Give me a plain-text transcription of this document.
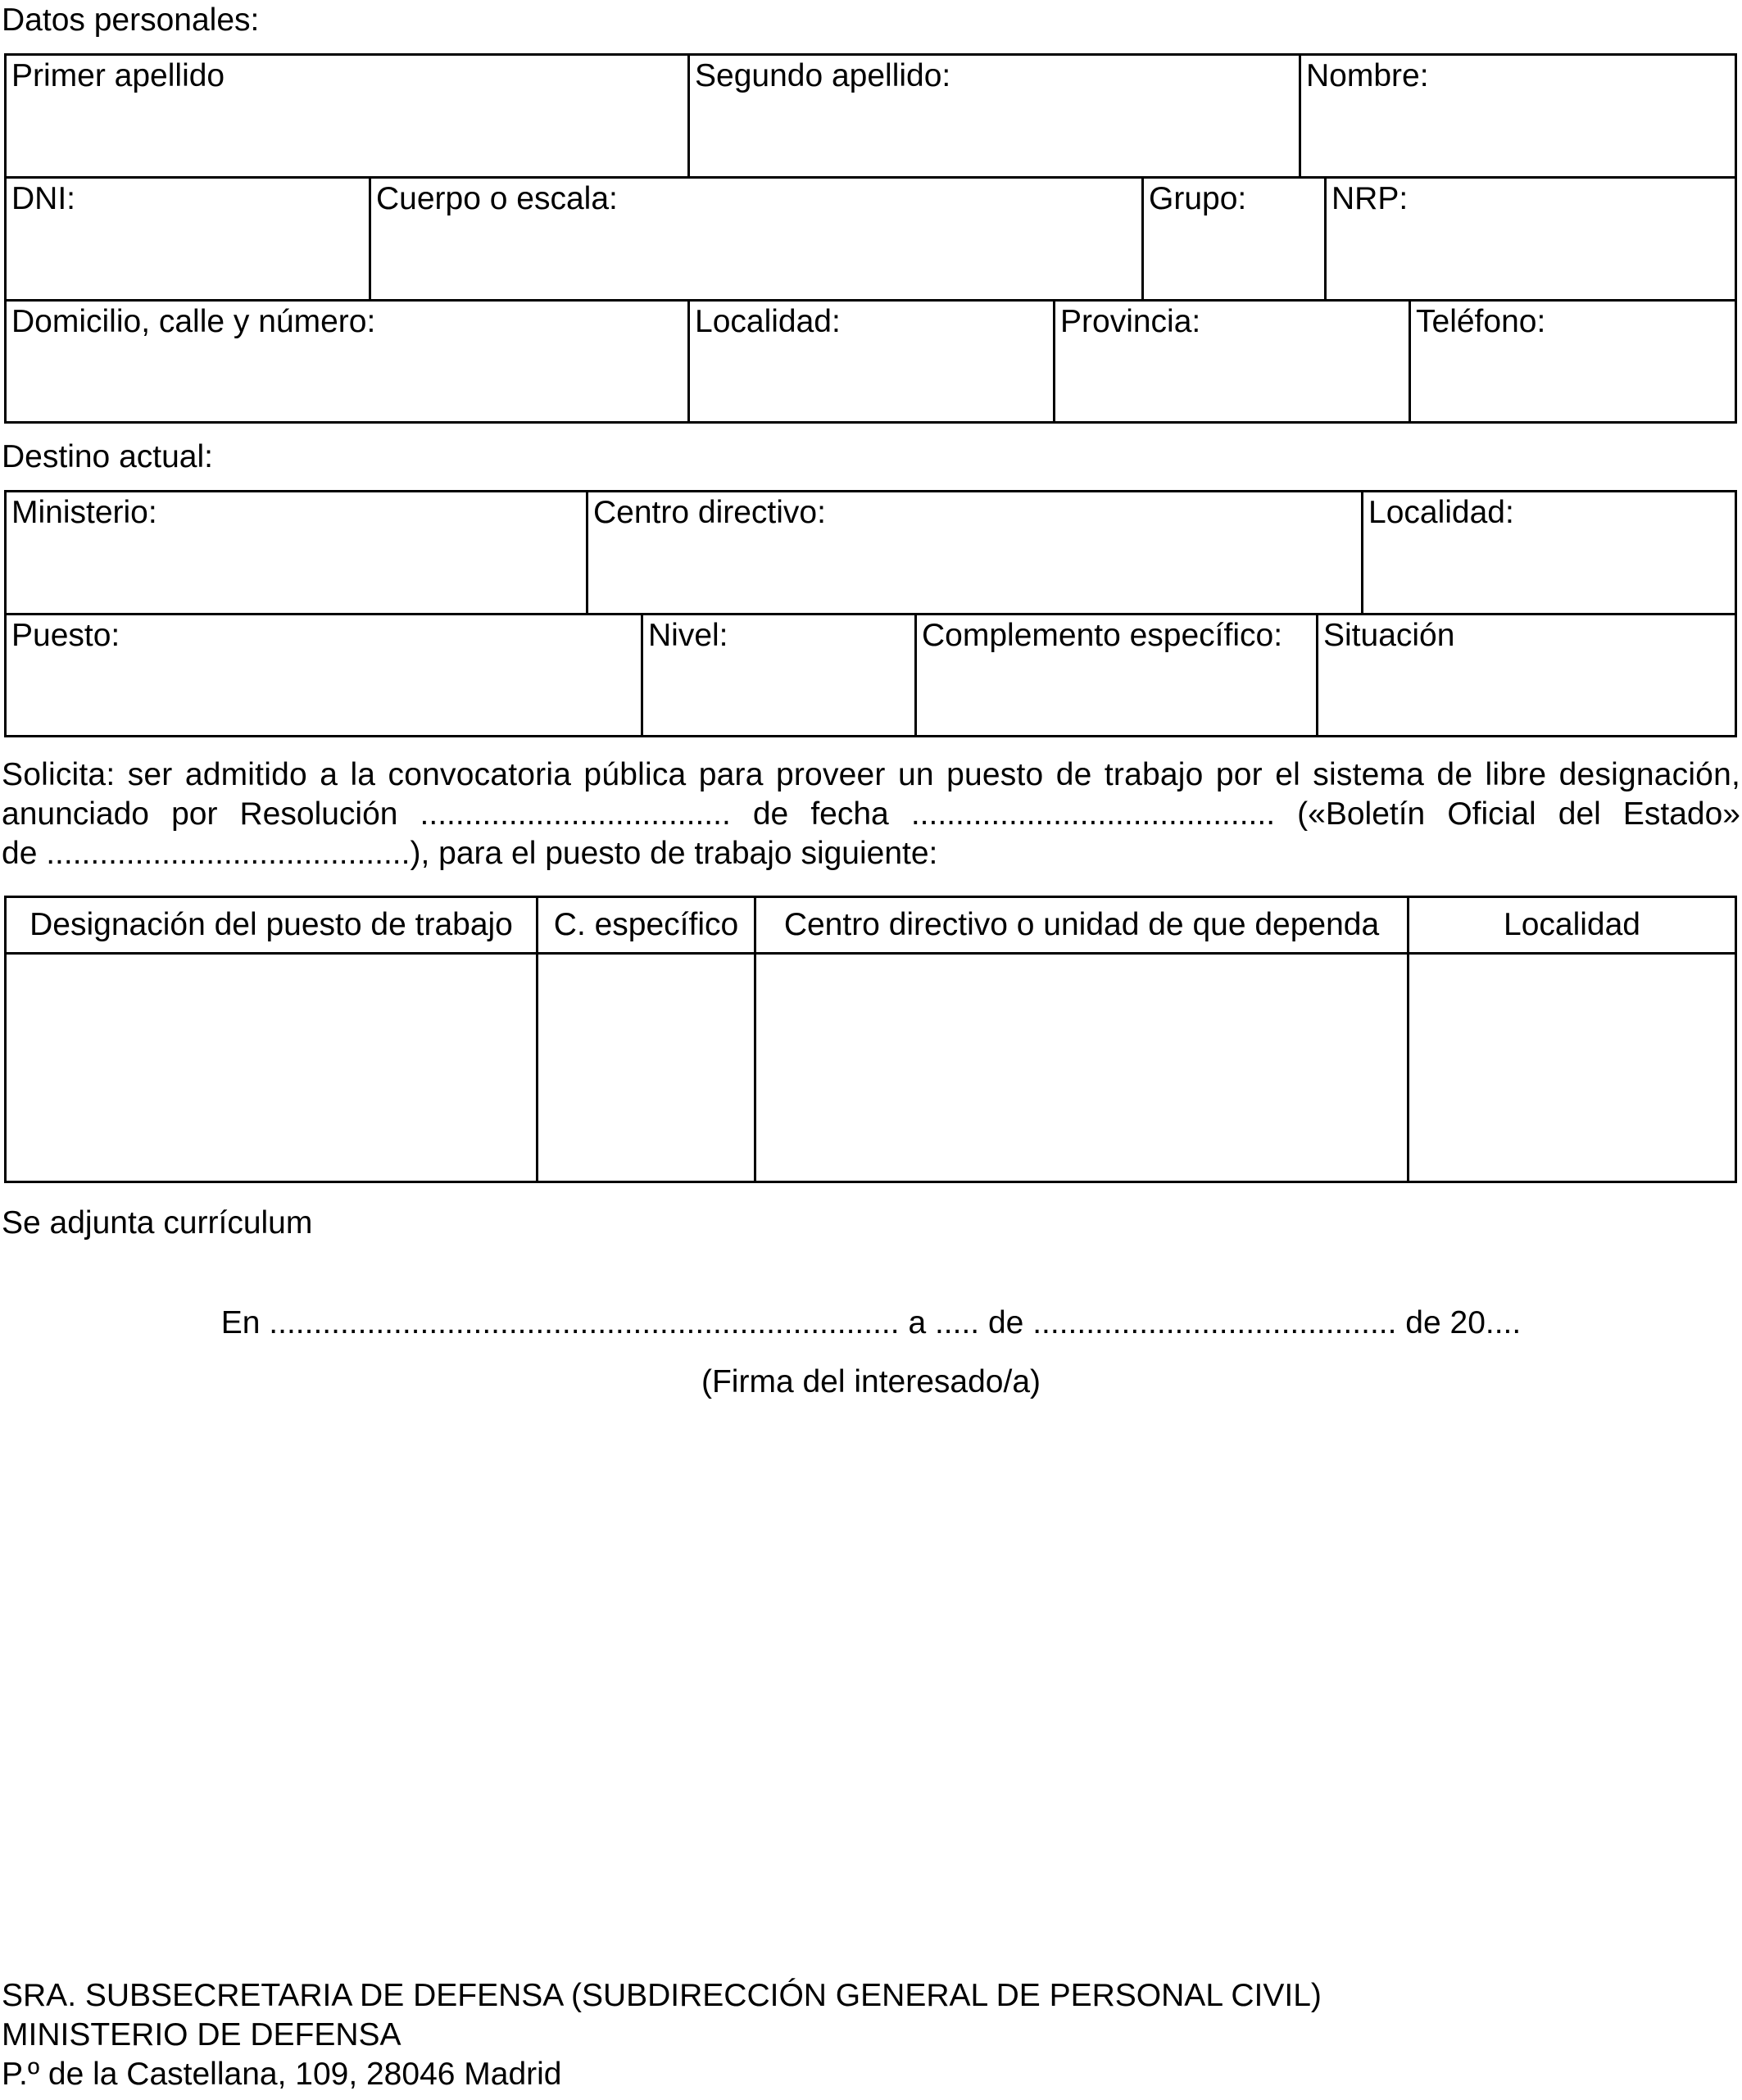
Datos personales:
Primer apellido	Segundo apellido:	Nombre:
DNI:	Cuerpo o escala:	Grupo:	NRP:
Domicilio, calle y número:	Localidad:	Provincia:	Teléfono:
Destino actual:
Ministerio:	Centro directivo:	Localidad:
Puesto:	Nivel:	Complemento específico:	Situación
Solicita: ser admitido a la convocatoria pública para proveer un puesto de trabajo por el sistema de libre designación,
anunciado por Resolución ................................... de fecha ......................................... («Boletín Oficial del Estado»
de .........................................), para el puesto de trabajo siguiente:
Designación del puesto de trabajo	C. específico	Centro directivo o unidad de que dependa	Localidad
Se adjunta currículum
En ....................................................................... a ..... de ......................................... de 20....
(Firma del interesado/a)
SRA. SUBSECRETARIA DE DEFENSA (SUBDIRECCIÓN GENERAL DE PERSONAL CIVIL)
MINISTERIO DE DEFENSA
P.º de la Castellana, 109, 28046 Madrid
